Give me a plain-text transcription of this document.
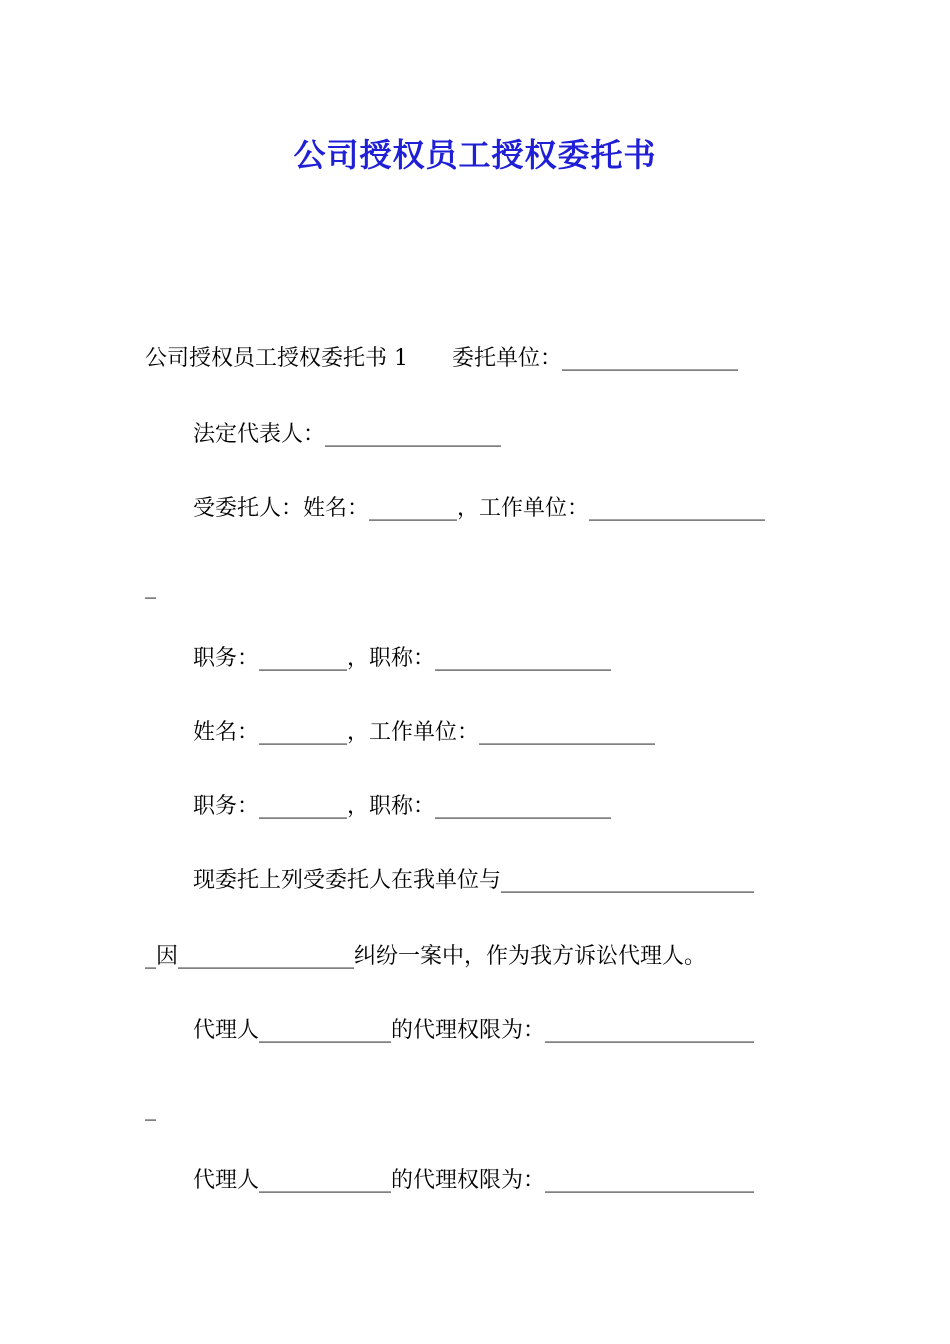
公司授权员工授权委托书
公司授权员工授权委托书 1　　委托单位：________________
法定代表人：________________
受委托人：姓名：________，工作单位：________________
_
职务：________，职称：________________
姓名：________，工作单位：________________
职务：________，职称：________________
现委托上列受委托人在我单位与_______________________
_因________________纠纷一案中，作为我方诉讼代理人。
代理人____________的代理权限为：___________________
_
代理人____________的代理权限为：___________________
